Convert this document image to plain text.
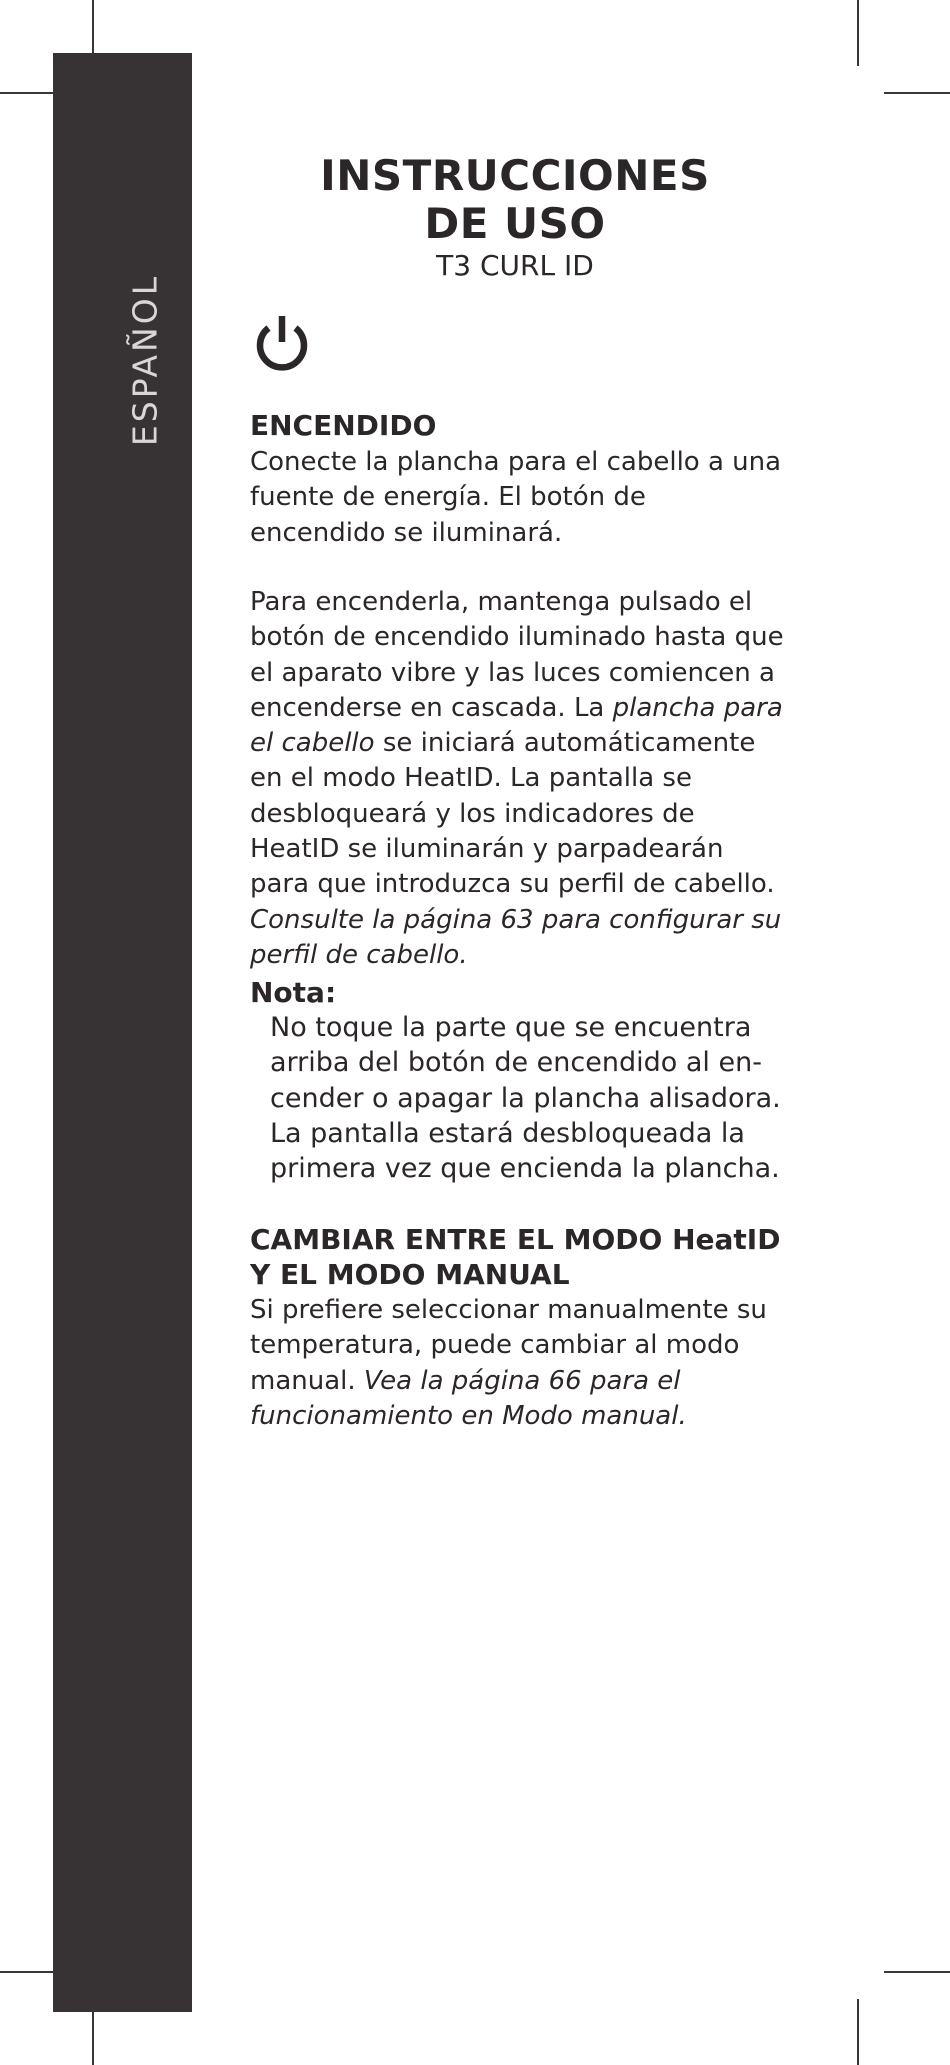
ESPAÑOL
INSTRUCCIONES
DE USO
T3 CURL ID
ENCENDIDO
Conecte la plancha para el cabello a una fuente de energía. El botón de encendido se iluminará.
Para encenderla, mantenga pulsado el botón de encendido iluminado hasta que el aparato vibre y las luces comiencen a encenderse en cascada. La plancha para el cabello se iniciará automáticamente en el modo HeatID. La pantalla se desbloqueará y los indicadores de HeatID se iluminarán y parpadearán para que introduzca su perfil de cabello. Consulte la página 63 para configurar su perfil de cabello.
Nota:
No toque la parte que se encuentra arriba del botón de encendido al en-cender o apagar la plancha alisadora. La pantalla estará desbloqueada la primera vez que encienda la plancha.
CAMBIAR ENTRE EL MODO HeatID Y EL MODO MANUAL
Si prefiere seleccionar manualmente su temperatura, puede cambiar al modo manual. Vea la página 66 para el funcionamiento en Modo manual.
